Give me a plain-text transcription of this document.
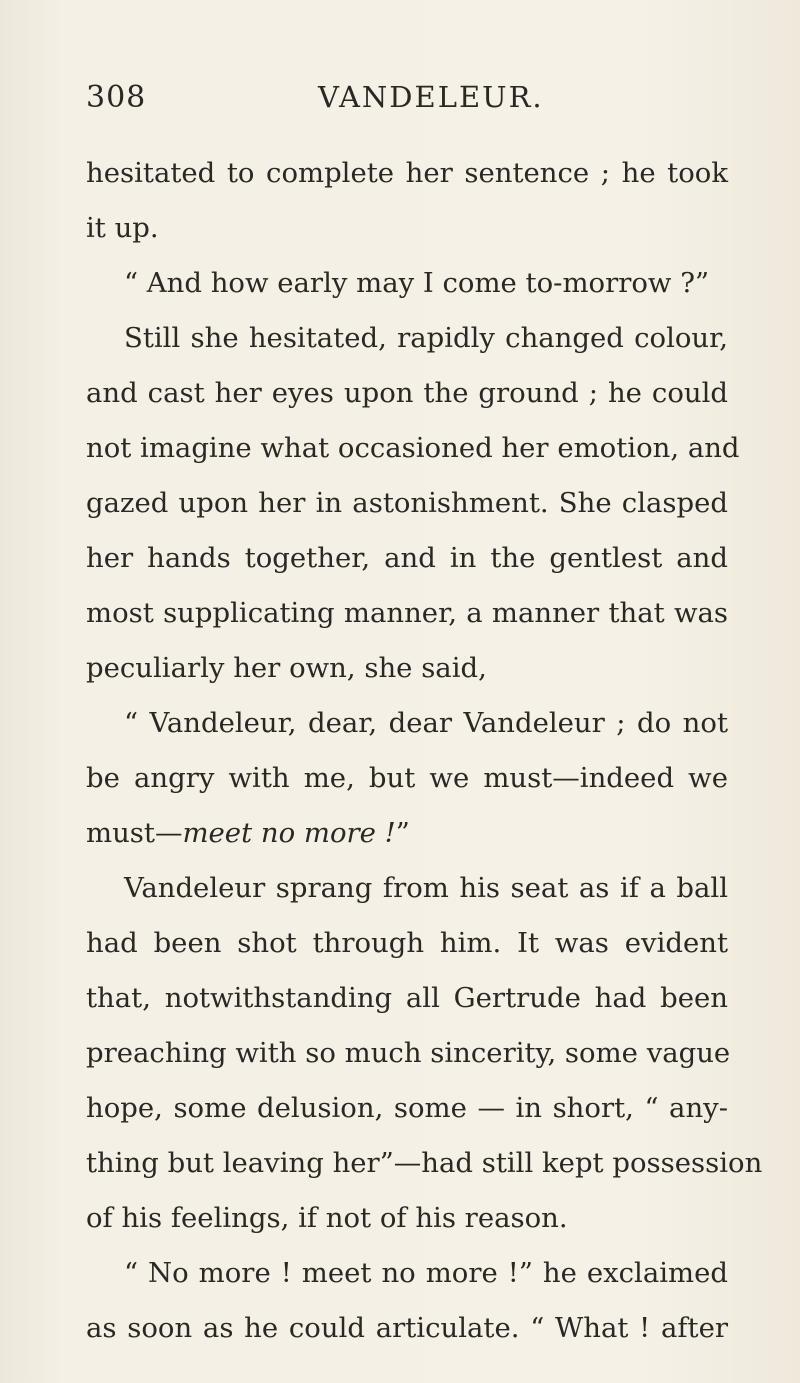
308	VANDELEUR.
hesitated to complete her sentence ; he took
it up.
“ And how early may I come to-morrow ?”
Still she hesitated, rapidly changed colour,
and cast her eyes upon the ground ; he could
not imagine what occasioned her emotion, and
gazed upon her in astonishment. She clasped
her hands together, and in the gentlest and
most supplicating manner, a manner that was
peculiarly her own, she said,
“ Vandeleur, dear, dear Vandeleur ; do not
be angry with me, but we must—indeed we
must—meet no more !”
Vandeleur sprang from his seat as if a ball
had been shot through him. It was evident
that, notwithstanding all Gertrude had been
preaching with so much sincerity, some vague
hope, some delusion, some — in short, “ any-
thing but leaving her”—had still kept possession
of his feelings, if not of his reason.
“ No more ! meet no more !” he exclaimed
as soon as he could articulate. “ What ! after
